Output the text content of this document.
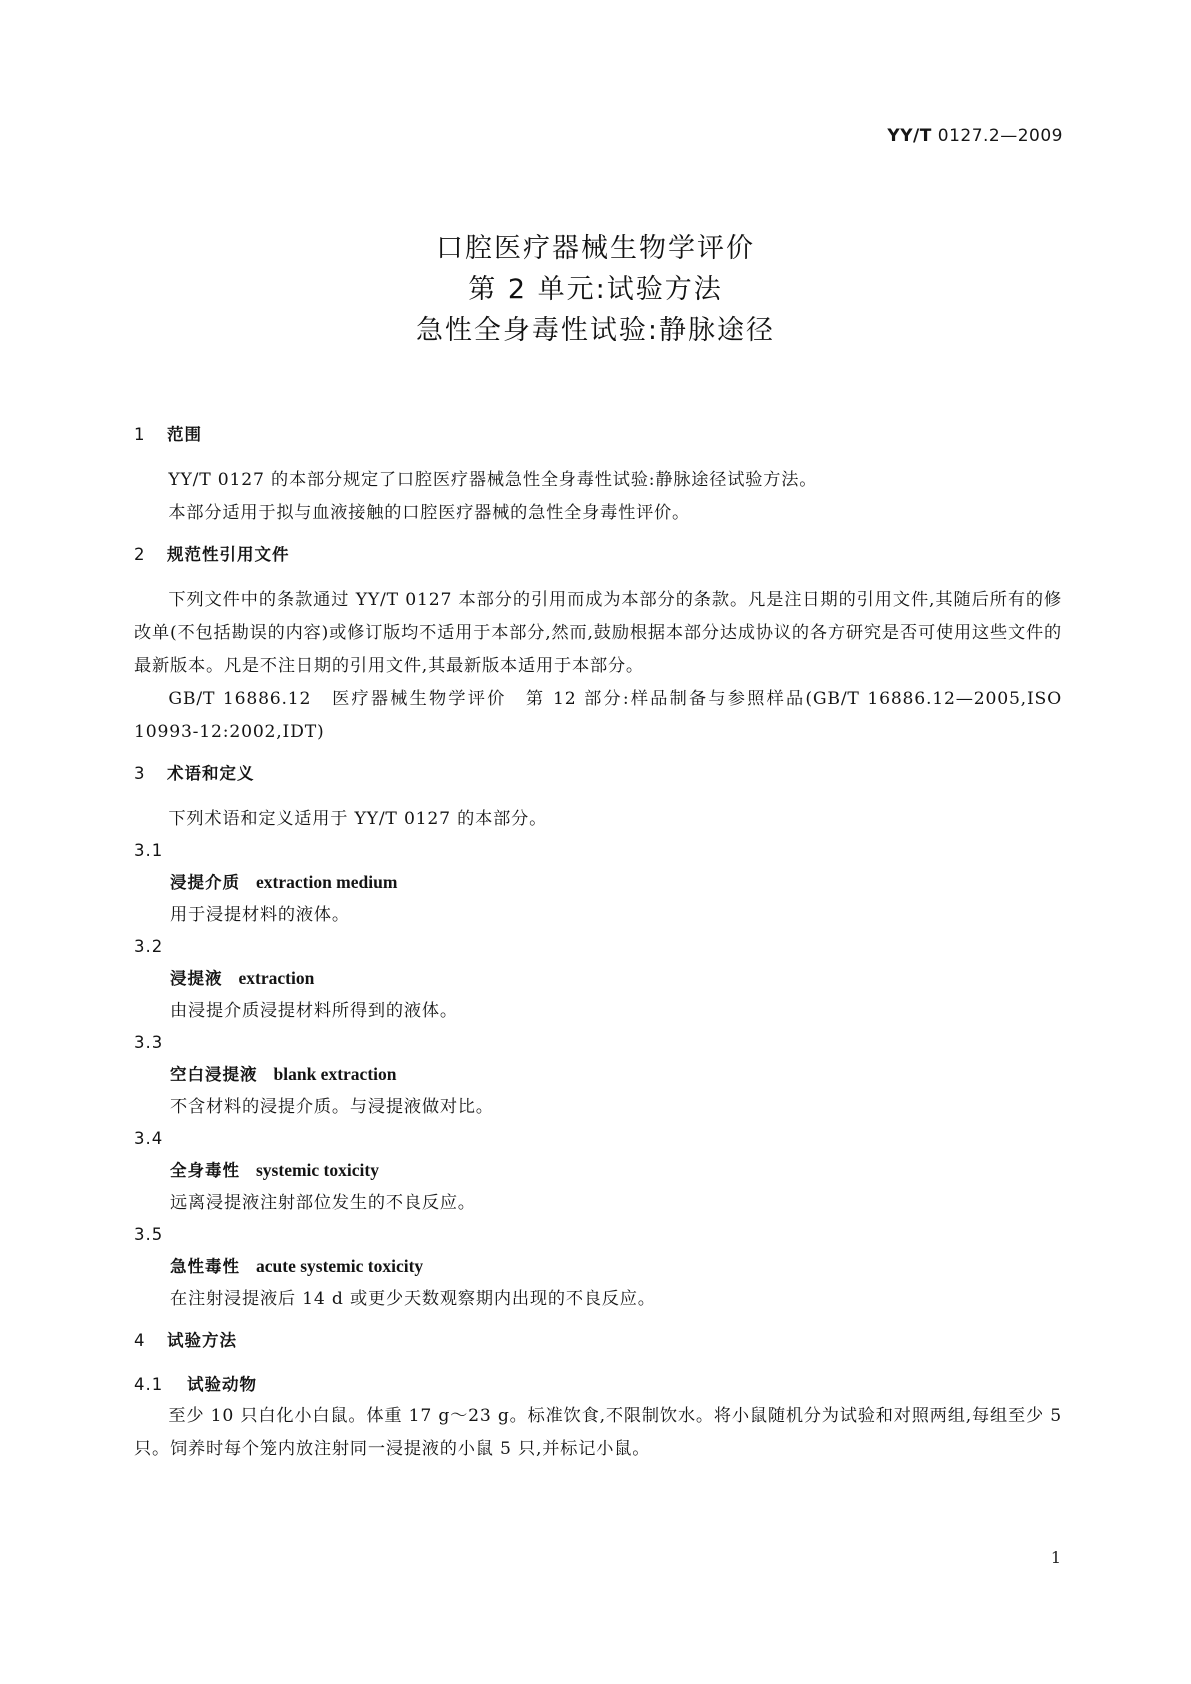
YY/T 0127.2—2009
口腔医疗器械生物学评价
第 2 单元:试验方法
急性全身毒性试验:静脉途径
1 范围

YY/T 0127 的本部分规定了口腔医疗器械急性全身毒性试验:静脉途径试验方法。

本部分适用于拟与血液接触的口腔医疗器械的急性全身毒性评价。

2 规范性引用文件

下列文件中的条款通过 YY/T 0127 本部分的引用而成为本部分的条款。凡是注日期的引用文件,其随后所有的修改单(不包括勘误的内容)或修订版均不适用于本部分,然而,鼓励根据本部分达成协议的各方研究是否可使用这些文件的最新版本。凡是不注日期的引用文件,其最新版本适用于本部分。

GB/T 16886.12　医疗器械生物学评价　第 12 部分:样品制备与参照样品(GB/T 16886.12—2005,ISO 10993-12:2002,IDT)

3 术语和定义

下列术语和定义适用于 YY/T 0127 的本部分。

3.1
浸提介质 extraction medium
用于浸提材料的液体。
3.2
浸提液 extraction
由浸提介质浸提材料所得到的液体。
3.3
空白浸提液 blank extraction
不含材料的浸提介质。与浸提液做对比。
3.4
全身毒性 systemic toxicity
远离浸提液注射部位发生的不良反应。
3.5
急性毒性 acute systemic toxicity
在注射浸提液后 14 d 或更少天数观察期内出现的不良反应。
4 试验方法
4.1 试验动物

至少 10 只白化小白鼠。体重 17 g～23 g。标准饮食,不限制饮水。将小鼠随机分为试验和对照两组,每组至少 5 只。饲养时每个笼内放注射同一浸提液的小鼠 5 只,并标记小鼠。

1
